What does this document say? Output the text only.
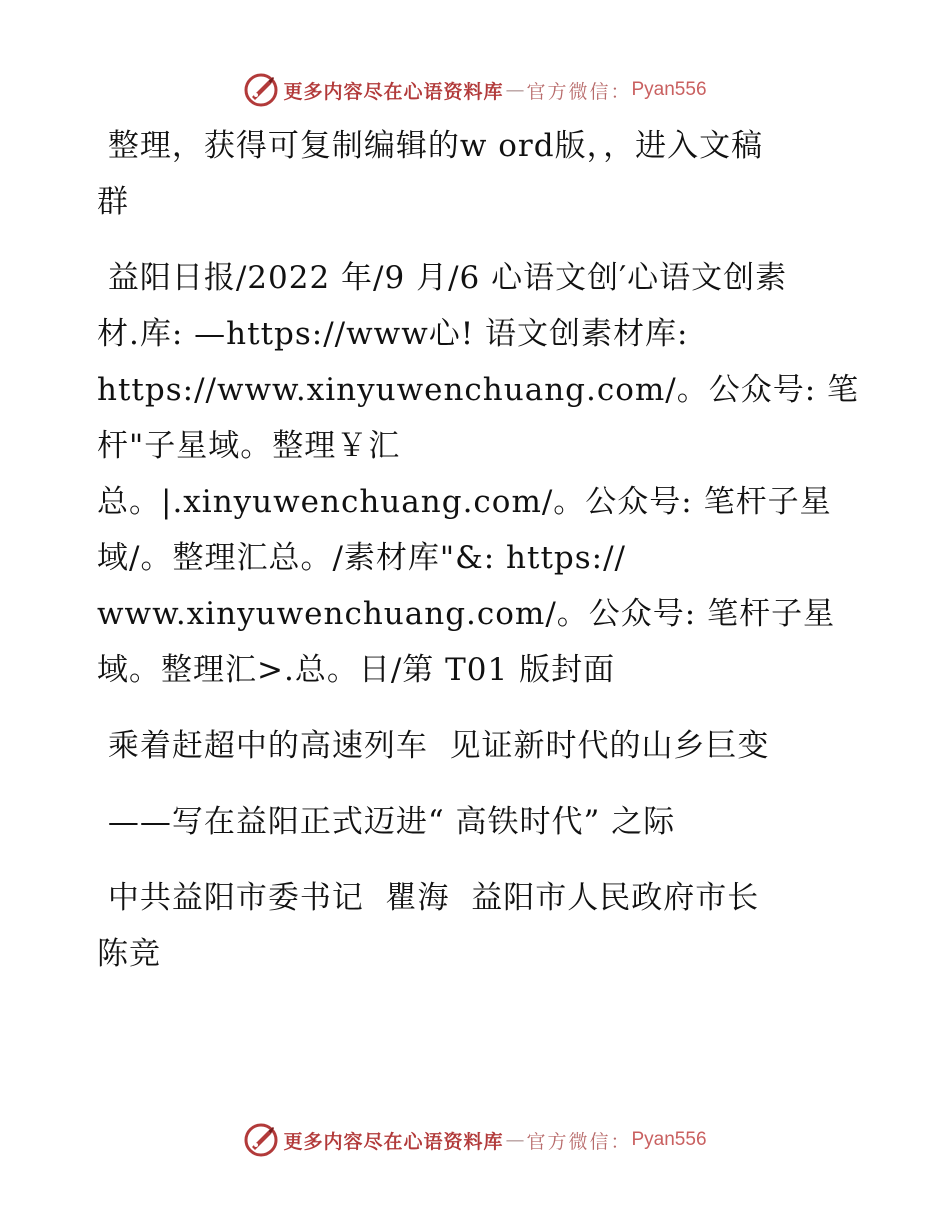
更多内容尽在心语资料库 — 官方微信： Pyan556
整理，获得可复制编辑的w ord版，，进入文稿
群
益阳日报/2022 年/9 月/6 心语文创′心语文创素
材.库: —https://www心! 语文创素材库:
https://www.xinyuwenchuang.com/。公众号: 笔
杆"子星域。整理￥汇
总。|.xinyuwenchuang.com/。公众号: 笔杆子星
域/。整理汇总。/素材库"&: https://
www.xinyuwenchuang.com/。公众号: 笔杆子星
域。整理汇>.总。日/第 T01 版封面
乘着赶超中的高速列车  见证新时代的山乡巨变
——写在益阳正式迈进“ 高铁时代” 之际
中共益阳市委书记  瞿海  益阳市人民政府市长
陈竞
更多内容尽在心语资料库 — 官方微信： Pyan556
